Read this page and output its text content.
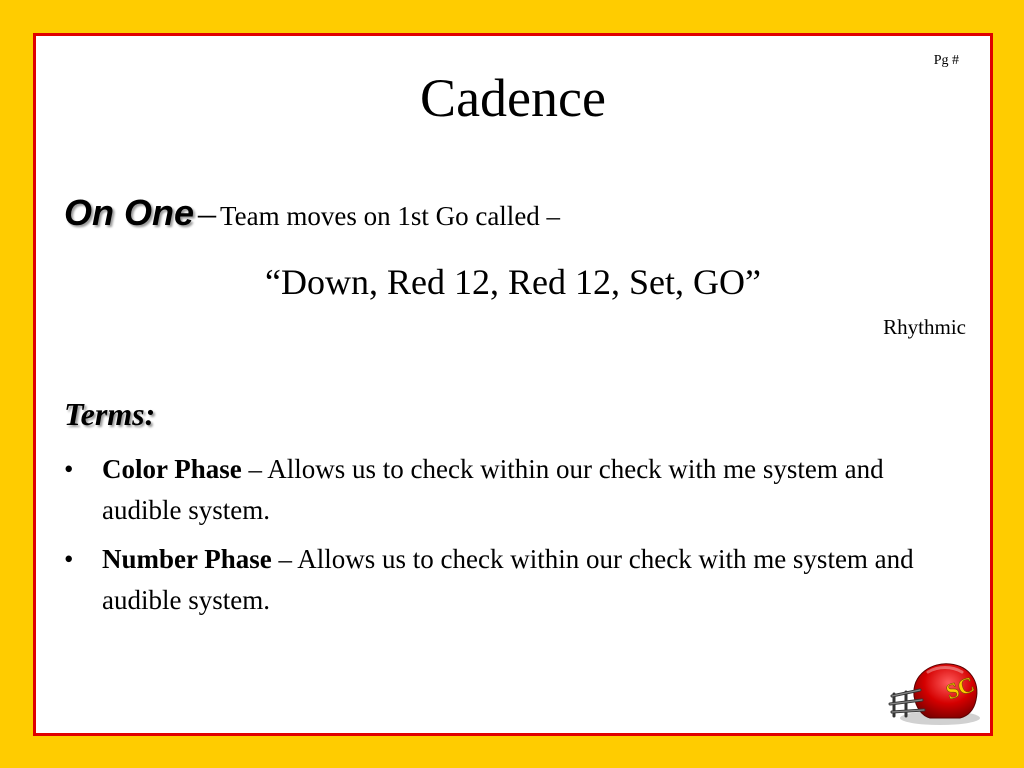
Pg #
Cadence
On One – Team moves on 1st Go called –
“Down, Red 12, Red 12, Set, GO”
Rhythmic
Terms:
• Color Phase – Allows us to check within our check with me system and audible system.
• Number Phase – Allows us to check within our check with me system and audible system.
SC
